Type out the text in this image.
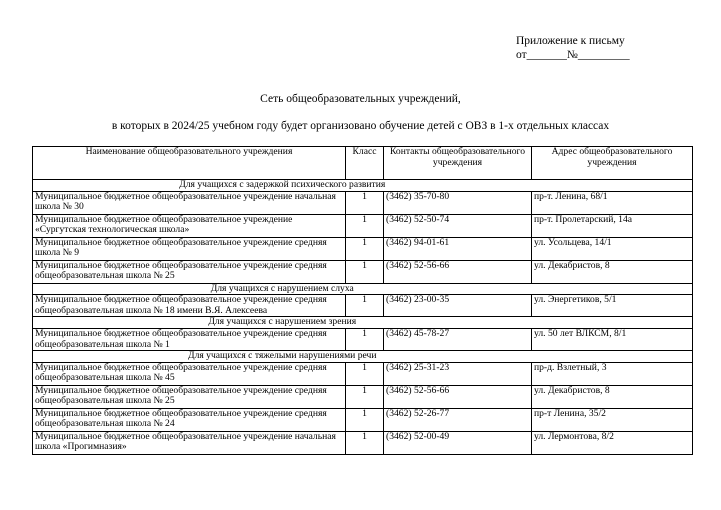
Приложение к письму
от_______№_________
Сеть общеобразовательных учреждений,
в которых в 2024/25 учебном году будет организовано обучение детей с ОВЗ в 1-х отдельных классах
Наименование общеобразовательного учреждения	Класс	Контакты общеобразовательного учреждения	Адрес общеобразовательного учреждения
Для учащихся с задержкой психического развития			
Муниципальное бюджетное общеобразовательное учреждение начальная школа № 30	1	(3462) 35-70-80	пр-т. Ленина, 68/1
Муниципальное бюджетное общеобразовательное учреждение «Сургутская технологическая школа»	1	(3462) 52-50-74	пр-т. Пролетарский, 14а
Муниципальное бюджетное общеобразовательное учреждение средняя школа № 9	1	(3462) 94-01-61	ул. Усольцева, 14/1
Муниципальное бюджетное общеобразовательное учреждение средняя общеобразовательная школа № 25	1	(3462) 52-56-66	ул. Декабристов, 8
Для учащихся с нарушением слуха			
Муниципальное бюджетное общеобразовательное учреждение средняя общеобразовательная школа № 18 имени В.Я. Алексеева	1	(3462) 23-00-35	ул. Энергетиков, 5/1
Для учащихся с нарушением зрения			
Муниципальное бюджетное общеобразовательное учреждение средняя общеобразовательная школа № 1	1	(3462) 45-78-27	ул. 50 лет ВЛКСМ, 8/1
Для учащихся с тяжелыми нарушениями речи			
Муниципальное бюджетное общеобразовательное учреждение средняя общеобразовательная школа № 45	1	(3462) 25-31-23	пр-д. Взлетный, 3
Муниципальное бюджетное общеобразовательное учреждение средняя общеобразовательная школа № 25	1	(3462) 52-56-66	ул. Декабристов, 8
Муниципальное бюджетное общеобразовательное учреждение средняя общеобразовательная школа № 24	1	(3462) 52-26-77	пр-т Ленина, 35/2
Муниципальное бюджетное общеобразовательное учреждение начальная школа «Прогимназия»	1	(3462) 52-00-49	ул. Лермонтова, 8/2
